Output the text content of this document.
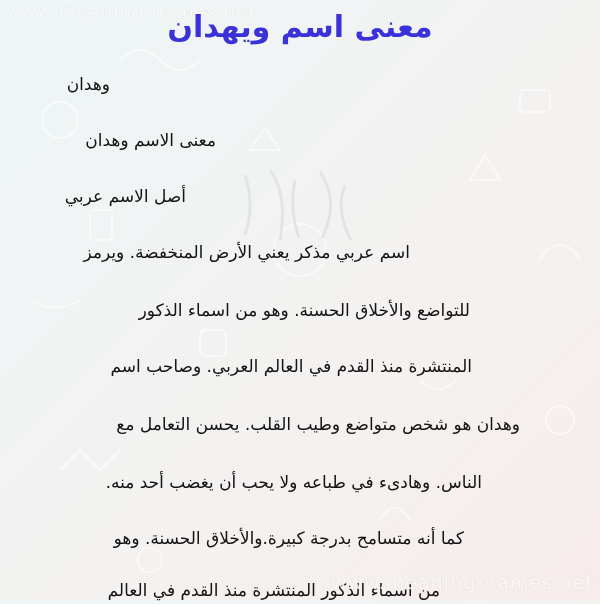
www.meaning-names.net
معنى اسم ويهدان
وهدان
معنى الاسم وهدان
أصل الاسم عربي
اسم عربي مذكر يعني الأرض المنخفضة. ويرمز
للتواضع والأخلاق الحسنة. وهو من اسماء الذكور
المنتشرة منذ القدم في العالم العربي. وصاحب اسم
وهدان هو شخص متواضع وطيب القلب. يحسن التعامل مع
الناس. وهادىء في طباعه ولا يحب أن يغضب أحد منه.
كما أنه متسامح بدرجة كبيرة.والأخلاق الحسنة. وهو
من اسماء الذكور المنتشرة منذ القدم في العالم
www.meaning-names.net
